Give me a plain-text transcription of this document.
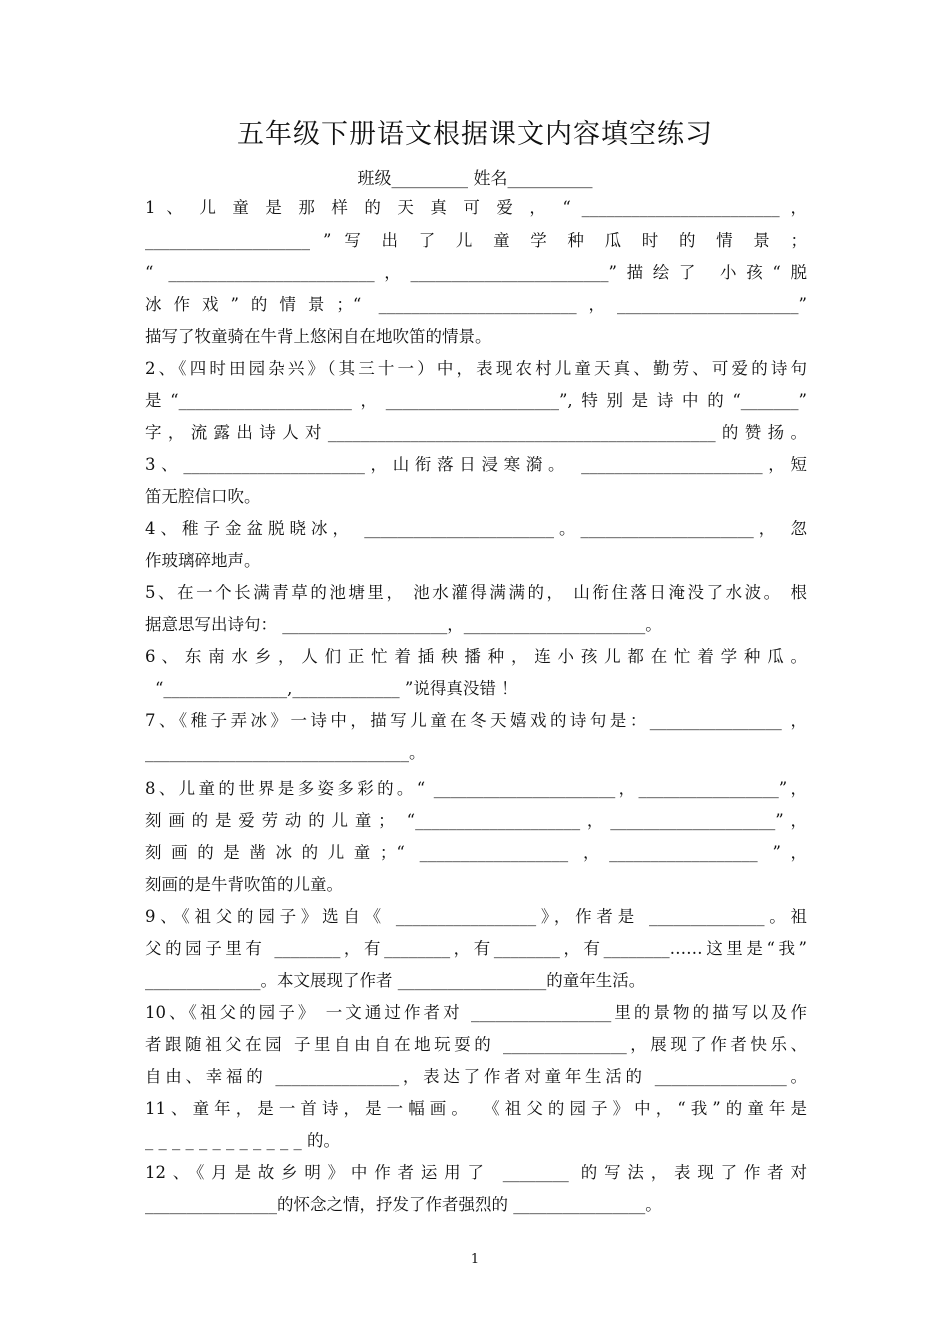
五年级下册语文根据课文内容填空练习
班级_________ 姓名__________
1 、 儿 童 是 那 样 的 天 真 可 爱 ， “ ________________________ ，
____________________ ” 写 出 了 儿 童 学 种 瓜 时 的 情 景 ；
“ _________________________，________________________”描绘了 小孩“脱
冰作戏”的情景；“ ________________________，______________________”
描写了牧童骑在牛背上悠闲自在地吹笛的情景。
2、《四时田园杂兴》（其三十一）中，表现农村儿童天真、勤劳、可爱的诗句
是“_____________________，_____________________”,特别是诗中的“_______”
字，流露出诗人对_______________________________________________的赞扬。
3、______________________，山衔落日浸寒漪。 ______________________，短
笛无腔信口吹。
4、稚子金盆脱晓冰， _______________________。_____________________， 忽
作玻璃碎地声。
5、在一个长满青草的池塘里， 池水灌得满满的， 山衔住落日淹没了水波。 根
据意思写出诗句： ____________________，______________________。
6 、 东 南 水 乡 ， 人 们 正 忙 着 插 秧 播 种 ， 连 小 孩 儿 都 在 忙 着 学 种 瓜 。
“_______________,_____________ ”说得真没错 ！
7、《稚子弄冰》一诗中，描写儿童在冬天嬉戏的诗句是：________________ ，
________________________________。
8、儿童的世界是多姿多彩的。“ ______________________，_________________”，
刻画的是爱劳动的儿童； “____________________，____________________”，
刻画的是凿冰的儿童；“ __________________ ，__________________ ”，
刻画的是牛背吹笛的儿童。
9、《祖父的园子》选自《 _________________》，作者是 ______________。祖
父的园子里有 ________，有________，有________，有________……这里是“我”
______________。本文展现了作者 __________________的童年生活。
10、《祖父的园子》 一文通过作者对 _________________里的景物的描写以及作
者跟随祖父在园 子里自由自在地玩耍的 _______________，展现了作者快乐、
自由、幸福的 _______________，表达了作者对童年生活的 ________________。
11、童年，是一首诗，是一幅画。 《祖父的园子》中，“我”的童年是
_ _ _ _ _ _ _ _ _ _ _ _ 的。
12、《月是故乡明》中作者运用了 ________ 的写法，表现了作者对
________________的怀念之情，抒发了作者强烈的 ________________。
1
